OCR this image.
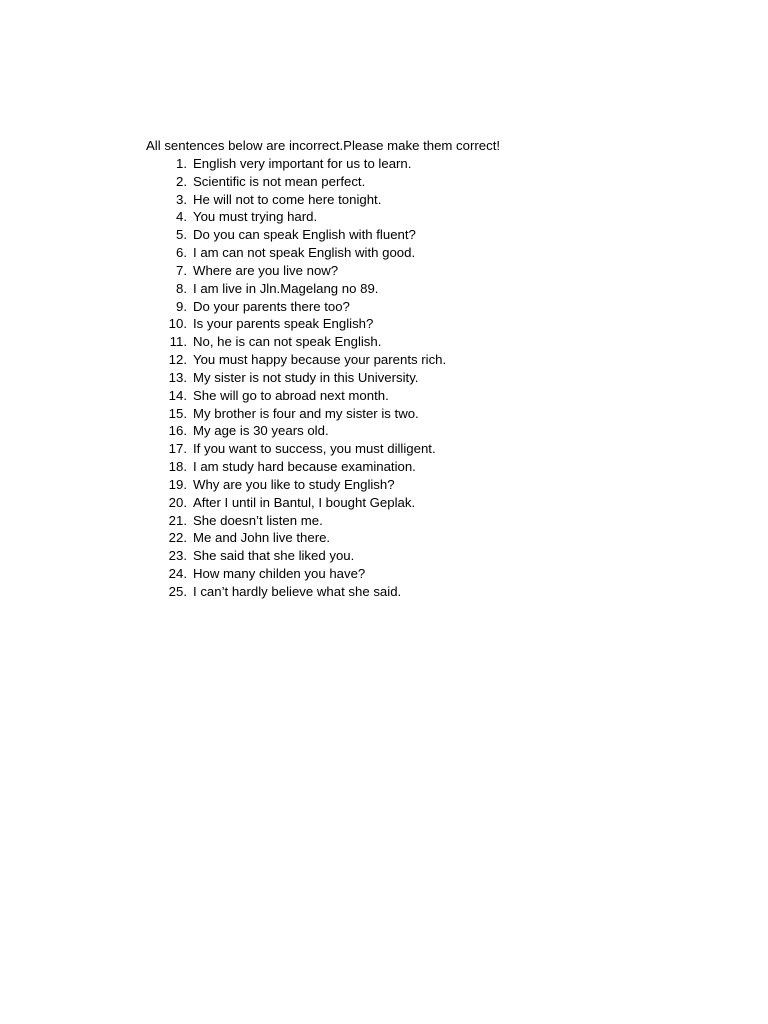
All sentences below are incorrect.Please make them correct!

1. English very important for us to learn.
2. Scientific is not mean perfect.
3. He will not to come here tonight.
4. You must trying hard.
5. Do you can speak English with fluent?
6. I am can not speak English with good.
7. Where are you live now?
8. I am live in Jln.Magelang no 89.
9. Do your parents there too?
10. Is your parents speak English?
11. No, he is can not speak English.
12. You must happy because your parents rich.
13. My sister is not study in this University.
14. She will go to abroad next month.
15. My brother is four and my sister is two.
16. My age is 30 years old.
17. If you want to success, you must dilligent.
18. I am study hard because examination.
19. Why are you like to study English?
20. After I until in Bantul, I bought Geplak.
21. She doesn’t listen me.
22. Me and John live there.
23. She said that she liked you.
24. How many childen you have?
25. I can’t hardly believe what she said.
